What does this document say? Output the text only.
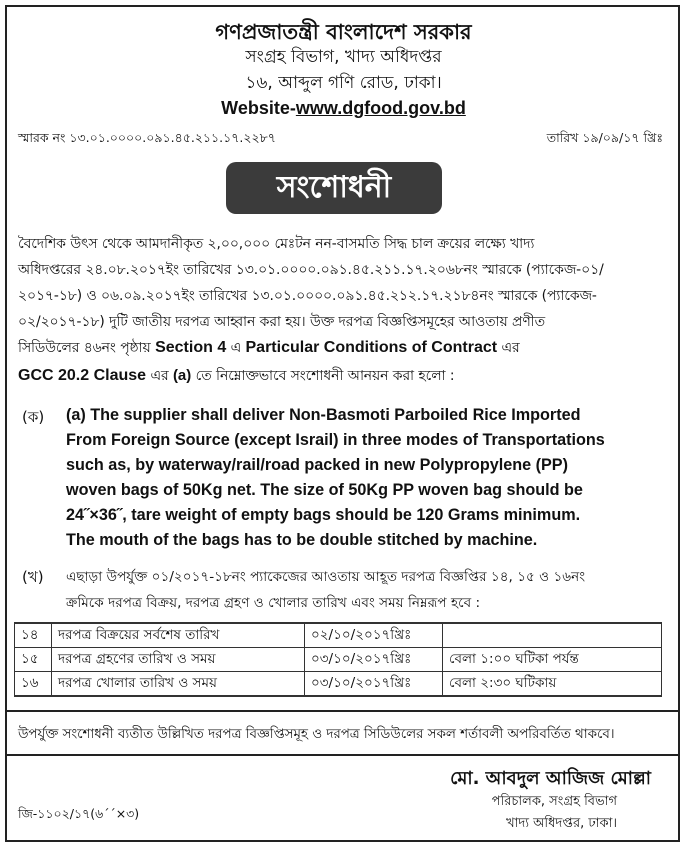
গণপ্রজাতন্ত্রী বাংলাদেশ সরকার
সংগ্রহ বিভাগ, খাদ্য অধিদপ্তর
১৬, আব্দুল গণি রোড, ঢাকা।
Website-www.dgfood.gov.bd
স্মারক নং ১৩.০১.০০০০.০৯১.৪৫.২১১.১৭.২২৮৭	তারিখ ১৯/০৯/১৭ খ্রিঃ
সংশোধনী
বৈদেশিক উৎস থেকে আমদানীকৃত ২,০০,০০০ মেঃটন নন-বাসমতি সিদ্ধ চাল ক্রয়ের লক্ষ্যে খাদ্য
অধিদপ্তরের ২৪.০৮.২০১৭ইং তারিখের ১৩.০১.০০০০.০৯১.৪৫.২১১.১৭.২০৬৮নং স্মারকে (প্যাকেজ-০১/
২০১৭-১৮) ও ০৬.০৯.২০১৭ইং তারিখের ১৩.০১.০০০০.০৯১.৪৫.২১২.১৭.২১৮৪নং স্মারকে (প্যাকেজ-
০২/২০১৭-১৮) দুটি জাতীয় দরপত্র আহ্বান করা হয়। উক্ত দরপত্র বিজ্ঞপ্তিসমূহের আওতায় প্রণীত
সিডিউলের ৪৬নং পৃষ্ঠায় Section 4 এ Particular Conditions of Contract এর
GCC 20.2 Clause এর (a) তে নিম্নোক্তভাবে সংশোধনী আনয়ন করা হলো :
(ক) (a) The supplier shall deliver Non-Basmoti Parboiled Rice Imported
From Foreign Source (except Israil) in three modes of Transportations
such as, by waterway/rail/road packed in new Polypropylene (PP)
woven bags of 50Kg net. The size of 50Kg PP woven bag should be
24˝×36˝, tare weight of empty bags should be 120 Grams minimum.
The mouth of the bags has to be double stitched by machine.
(খ) এছাড়া উপর্যুক্ত ০১/২০১৭-১৮নং প্যাকেজের আওতায় আহূত দরপত্র বিজ্ঞপ্তির ১৪, ১৫ ও ১৬নং
ক্রমিকে দরপত্র বিক্রয়, দরপত্র গ্রহণ ও খোলার তারিখ এবং সময় নিম্নরূপ হবে :
১৪	দরপত্র বিক্রয়ের সর্বশেষ তারিখ	০২/১০/২০১৭খ্রিঃ	
১৫	দরপত্র গ্রহণের তারিখ ও সময়	০৩/১০/২০১৭খ্রিঃ	বেলা ১:০০ ঘটিকা পর্যন্ত
১৬	দরপত্র খোলার তারিখ ও সময়	০৩/১০/২০১৭খ্রিঃ	বেলা ২:৩০ ঘটিকায়
উপর্যুক্ত সংশোধনী ব্যতীত উল্লিখিত দরপত্র বিজ্ঞপ্তিসমূহ ও দরপত্র সিডিউলের সকল শর্তাবলী অপরিবর্তিত থাকবে।
মো. আবদুল আজিজ মোল্লা
পরিচালক, সংগ্রহ বিভাগ
খাদ্য অধিদপ্তর, ঢাকা।
জি-১১০২/১৭(৬´´×৩)
